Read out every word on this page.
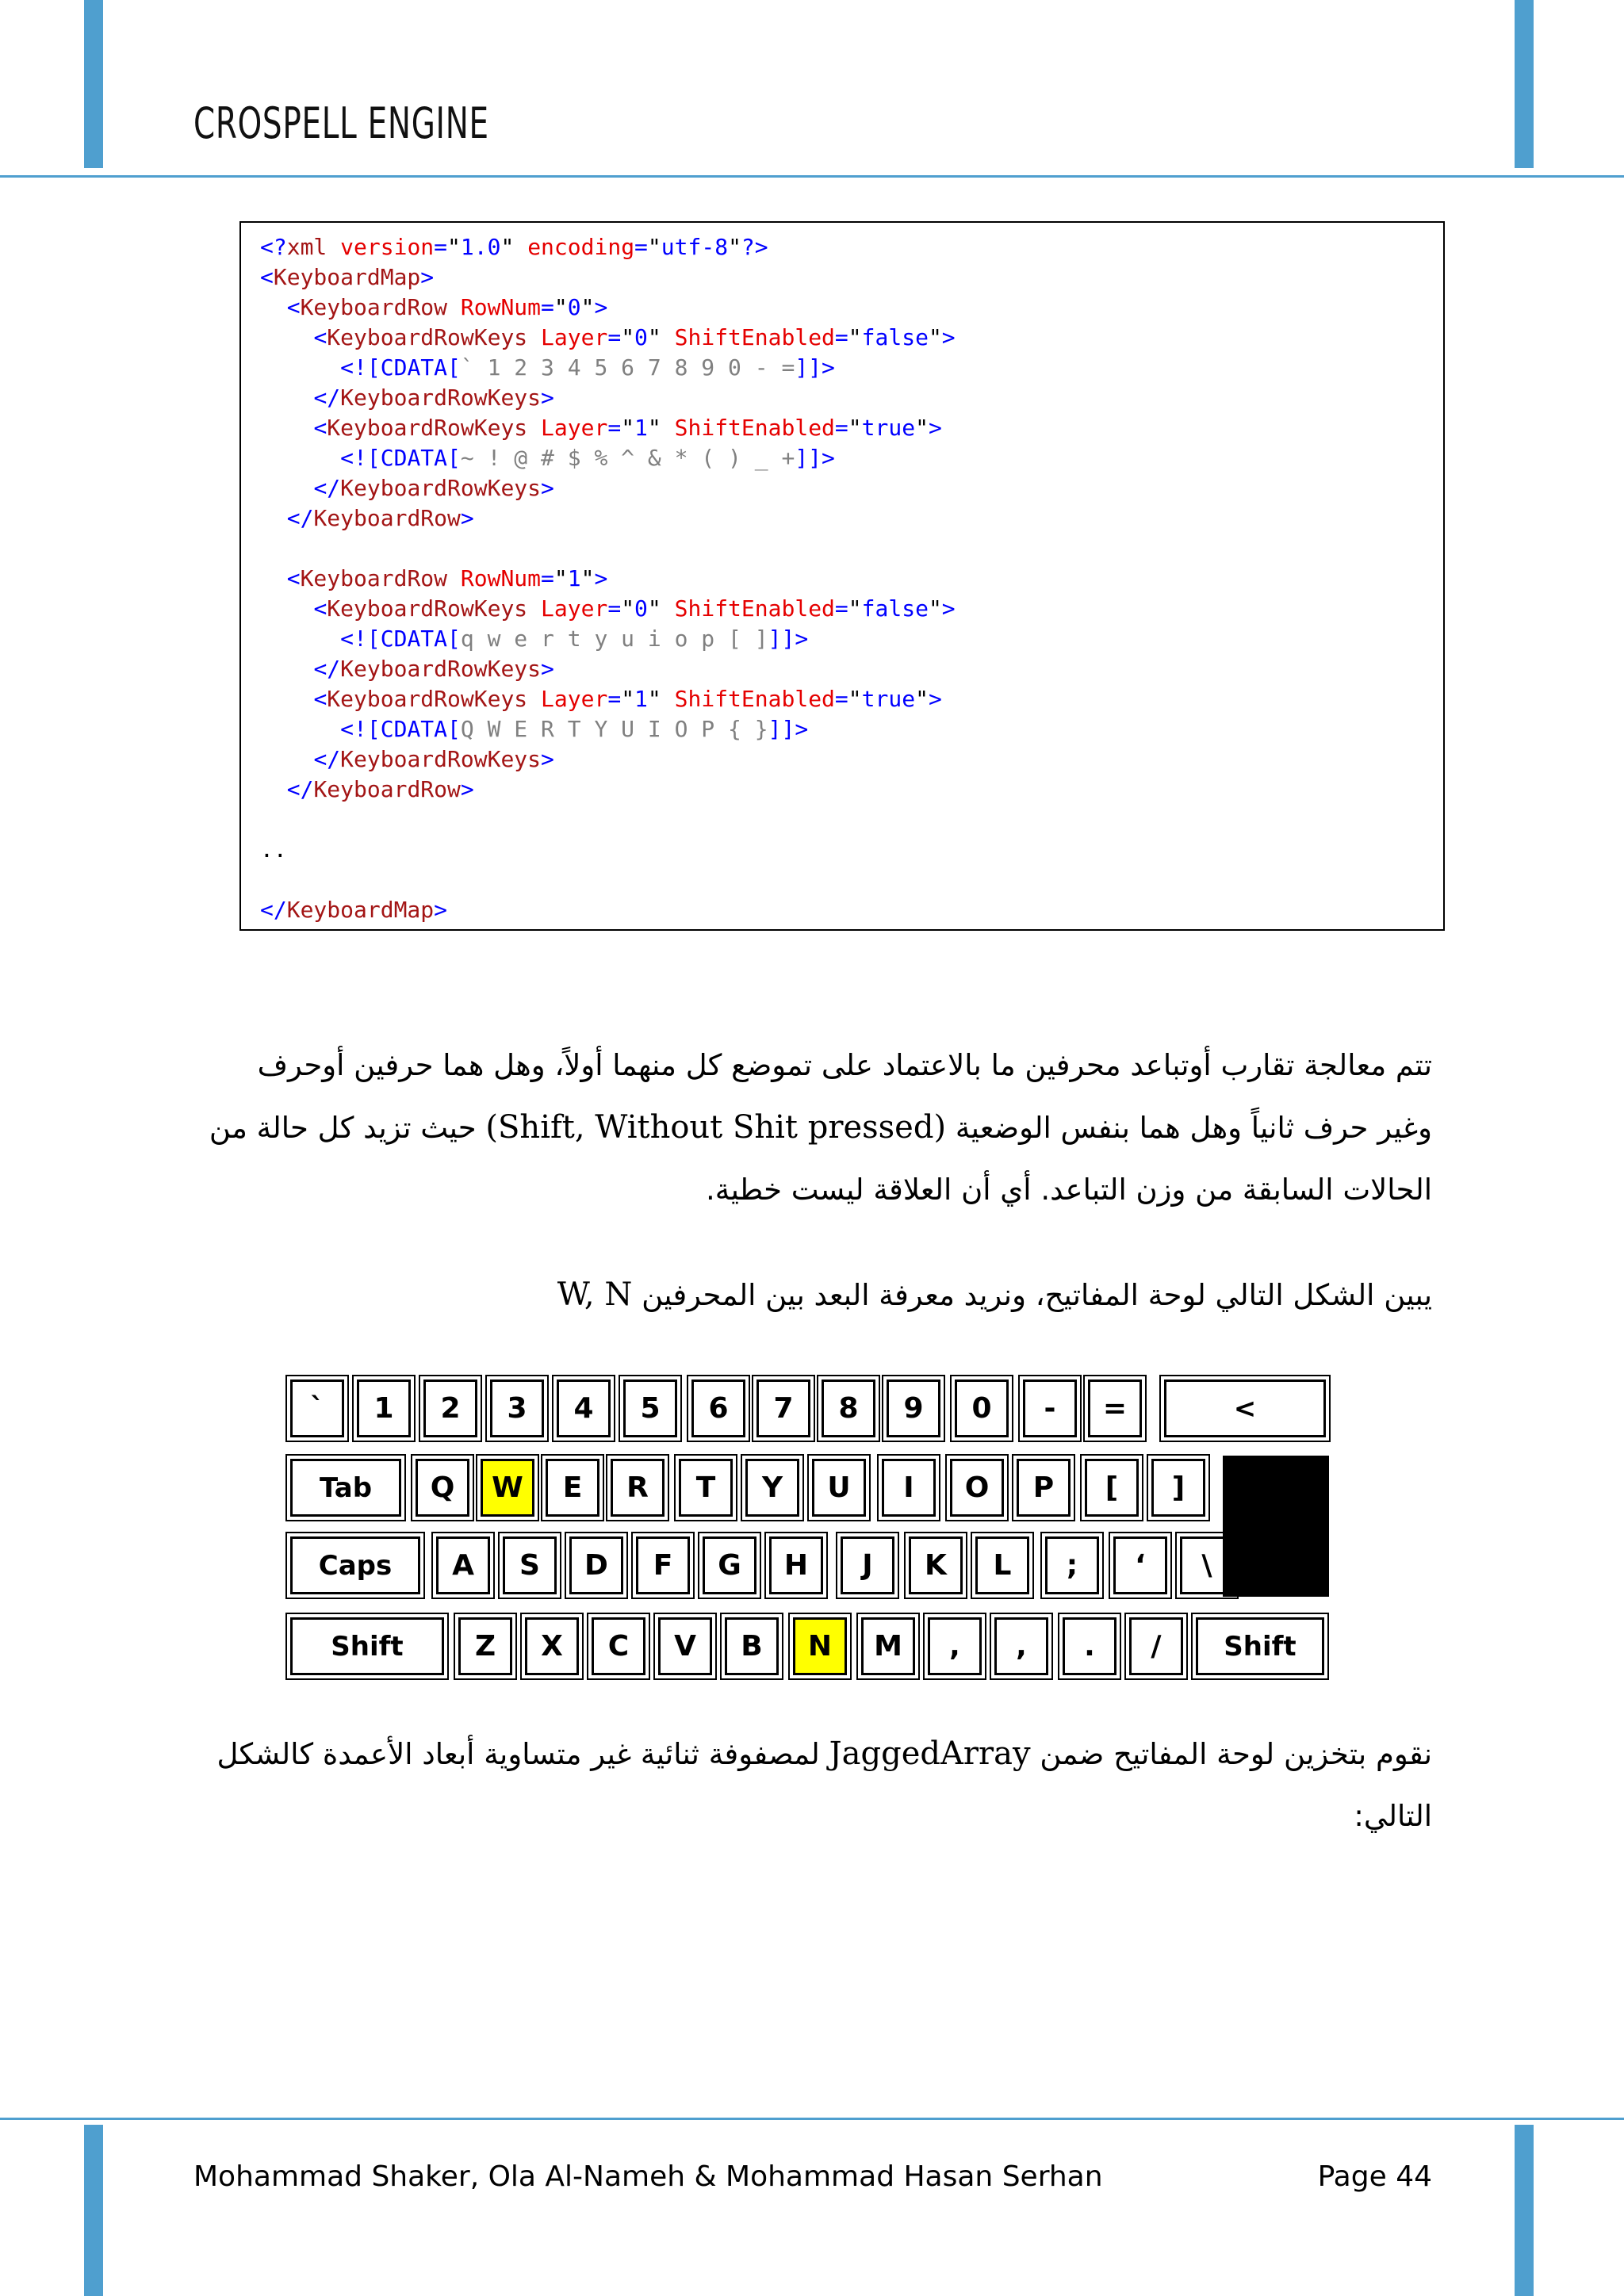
CROSPELL ENGINE
<?xml version="1.0" encoding="utf-8"?>
<KeyboardMap>
<KeyboardRow RowNum="0">
<KeyboardRowKeys Layer="0" ShiftEnabled="false">
<![CDATA[` 1 2 3 4 5 6 7 8 9 0 - =]]>
</KeyboardRowKeys>
<KeyboardRowKeys Layer="1" ShiftEnabled="true">
<![CDATA[~ ! @ # $ % ^ & * ( ) _ +]]>
</KeyboardRowKeys>
</KeyboardRow>
<KeyboardRow RowNum="1">
<KeyboardRowKeys Layer="0" ShiftEnabled="false">
<![CDATA[q w e r t y u i o p [ ]]]>
</KeyboardRowKeys>
<KeyboardRowKeys Layer="1" ShiftEnabled="true">
<![CDATA[Q W E R T Y U I O P { }]]>
</KeyboardRowKeys>
</KeyboardRow>
..
</KeyboardMap>
تتم معالجة تقارب أوتباعد محرفين ما بالاعتماد على تموضع كل منهما أولاً، وهل هما حرفين أوحرف
وغير حرف ثانياً وهل هما بنفس الوضعية (Shift, Without Shit pressed) حيث تزيد كل حالة من
الحالات السابقة من وزن التباعد. أي أن العلاقة ليست خطية.
يبين الشكل التالي لوحة المفاتيح، ونريد معرفة البعد بين المحرفين W, N
`	1	2	3	4	5	6	7	8	9	0	-	=	<
Tab	Q	W	E	R	T	Y	U	I	O	P	[	]
Caps	A	S	D	F	G	H	J	K	L	;	‘	\
Shift	Z	X	C	V	B	N	M	,	,	.	/	Shift
نقوم بتخزين لوحة المفاتيح ضمن JaggedArray لمصفوفة ثنائية غير متساوية أبعاد الأعمدة كالشكل
التالي:
Mohammad Shaker, Ola Al-Nameh & Mohammad Hasan Serhan	Page 44
